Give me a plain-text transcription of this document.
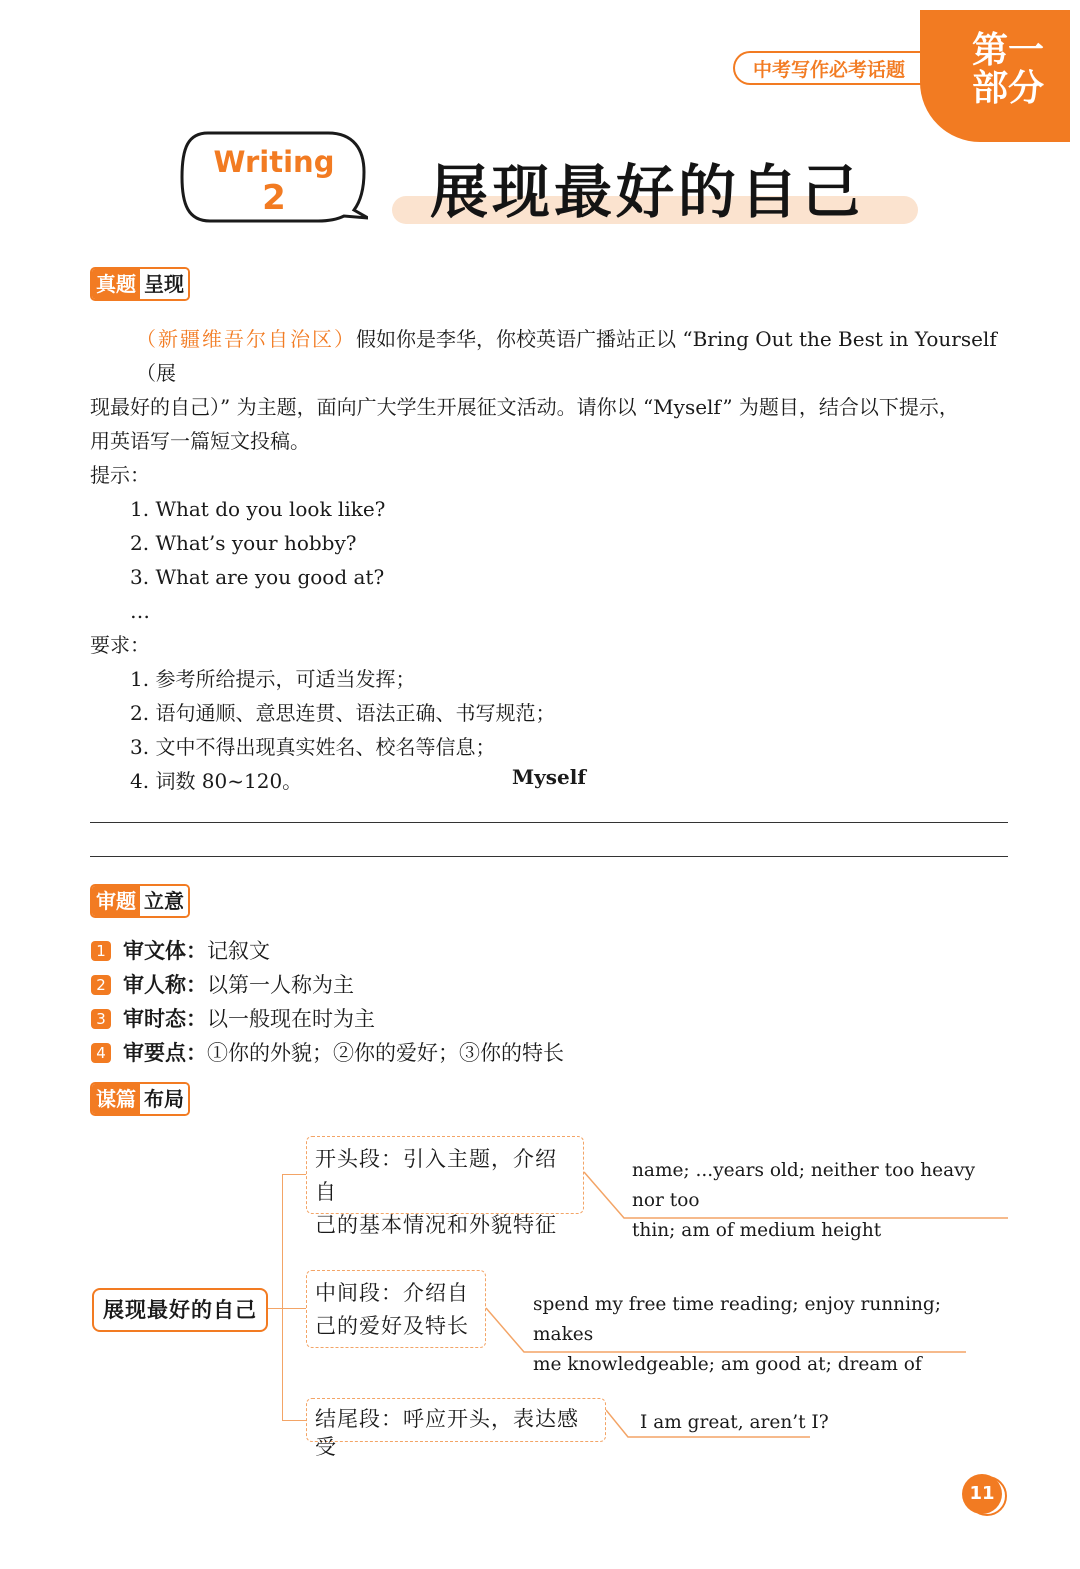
中考写作必考话题	第一
部分
Writing
2	展现最好的自己
真题 呈现
（新疆维吾尔自治区）假如你是李华，你校英语广播站正以 “Bring Out the Best in Yourself（展
现最好的自己）” 为主题，面向广大学生开展征文活动。请你以 “Myself” 为题目，结合以下提示，
用英语写一篇短文投稿。
提示：
1. What do you look like?
2. What’s your hobby?
3. What are you good at?
…
要求：
1. 参考所给提示，可适当发挥；
2. 语句通顺、意思连贯、语法正确、书写规范；
3. 文中不得出现真实姓名、校名等信息；
4. 词数 80~120。	Myself
审题 立意
1 审文体： 记叙文
2 审人称： 以第一人称为主
3 审时态： 以一般现在时为主
4 审要点： ①你的外貌；②你的爱好；③你的特长
谋篇 布局
展现最好的自己
开头段：引入主题，介绍自
己的基本情况和外貌特征
name; ...years old; neither too heavy nor too
thin; am of medium height
中间段：介绍自
己的爱好及特长
spend my free time reading; enjoy running; makes
me knowledgeable; am good at; dream of
结尾段：呼应开头，表达感受
I am great, aren’t I?
11
